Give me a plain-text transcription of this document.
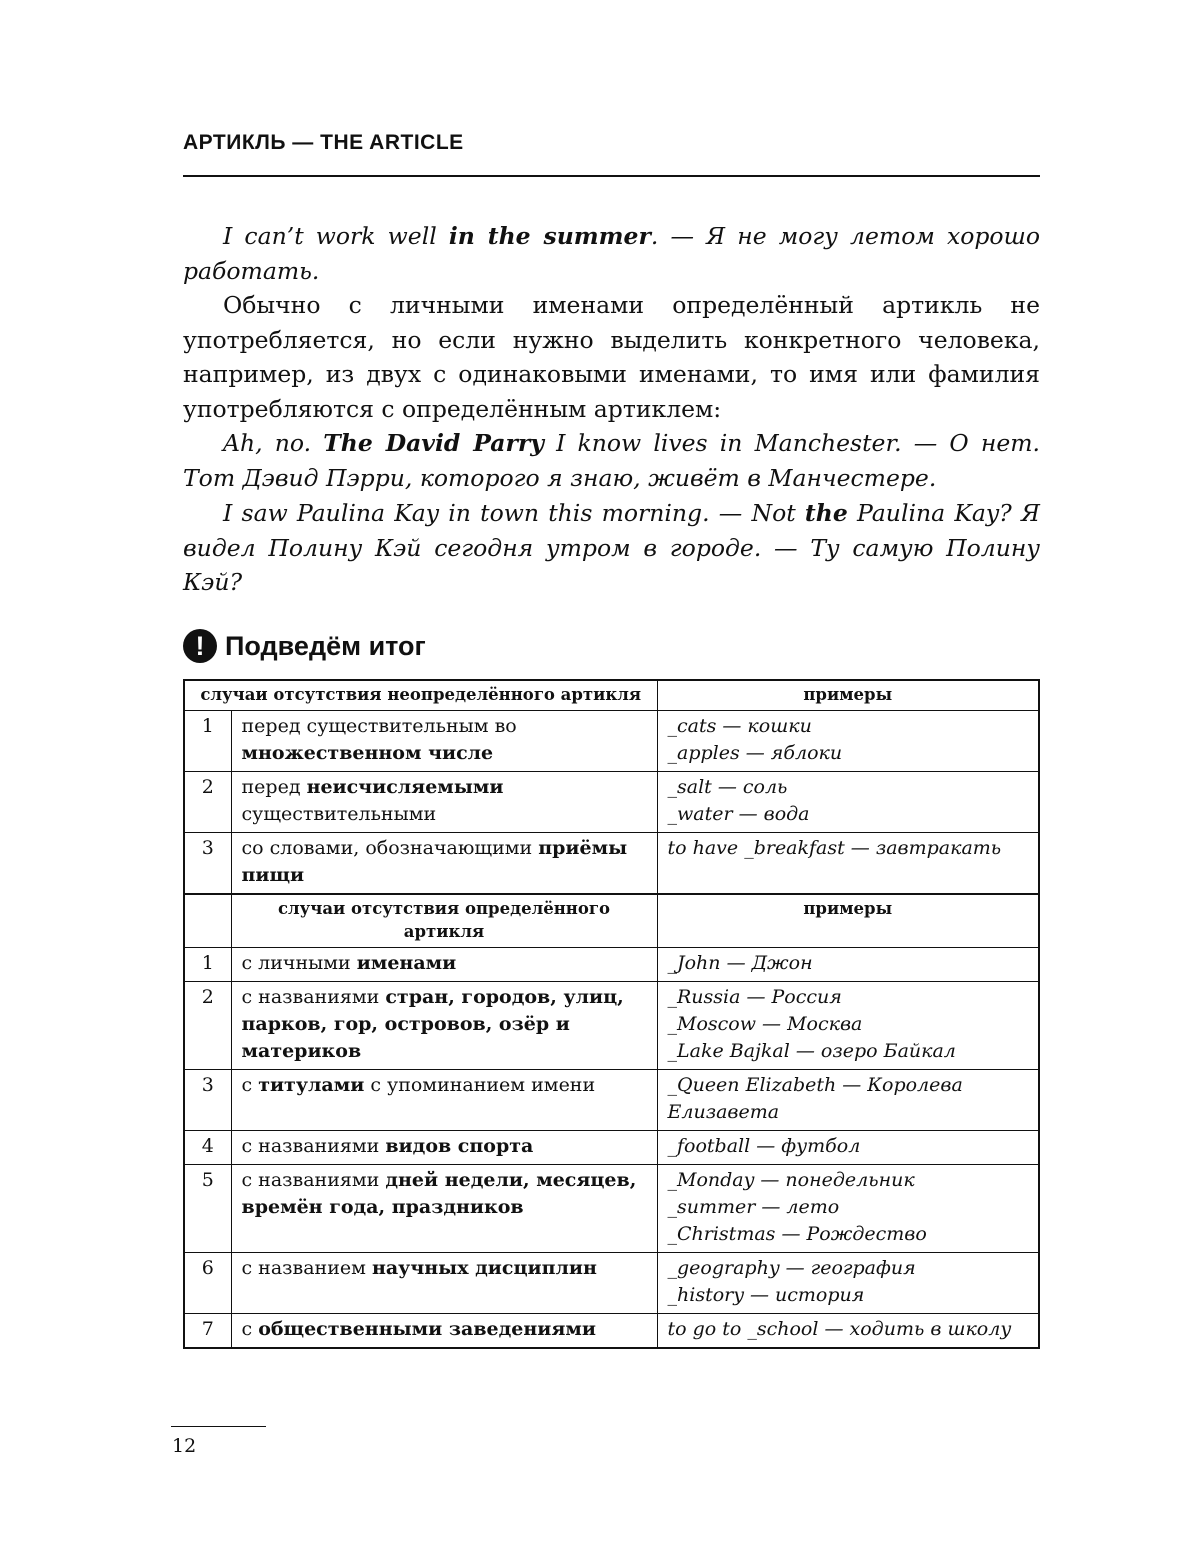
АРТИКЛЬ — THE ARTICLE

I can’t work well in the summer. — Я не могу летом хорошо работать.

Обычно с личными именами определённый артикль не употребляется, но если нужно выделить конкретного человека, например, из двух с одинаковыми именами, то имя или фамилия употребляются с определённым артиклем:

Ah, no. The David Parry I know lives in Manchester. — О нет. Тот Дэвид Пэрри, которого я знаю, живёт в Манчестере.

I saw Paulina Kay in town this morning. — Not the Paulina Kay? Я видел Полину Кэй сегодня утром в городе. — Ту самую Полину Кэй?

! Подведём итог
случаи отсутствия неопределённого артикля		примеры
1	перед существительным во множественном числе	_cats — кошки
_apples — яблоки

2	перед неисчисляемыми существительными	_salt — соль
_water — вода

3	со словами, обозначающими приёмы пищи	to have _breakfast — завтракать

	случаи отсутствия определённого артикля	примеры
1	с личными именами	_John — Джон

2	с названиями стран, городов, улиц, парков, гор, островов, озёр и материков	_Russia — Россия
_Moscow — Москва
_Lake Bajkal — озеро Байкал

3	с титулами с упоминанием имени	_Queen Elizabeth — Королева Елизавета

4	с названиями видов спорта	_football — футбол

5	с названиями дней недели, месяцев, времён года, праздников	_Monday — понедельник
_summer — лето
_Christmas — Рождество

6	с названием научных дисциплин	_geography — география
_history — история

7	с общественными заведениями	to go to _school — ходить в школу
12
